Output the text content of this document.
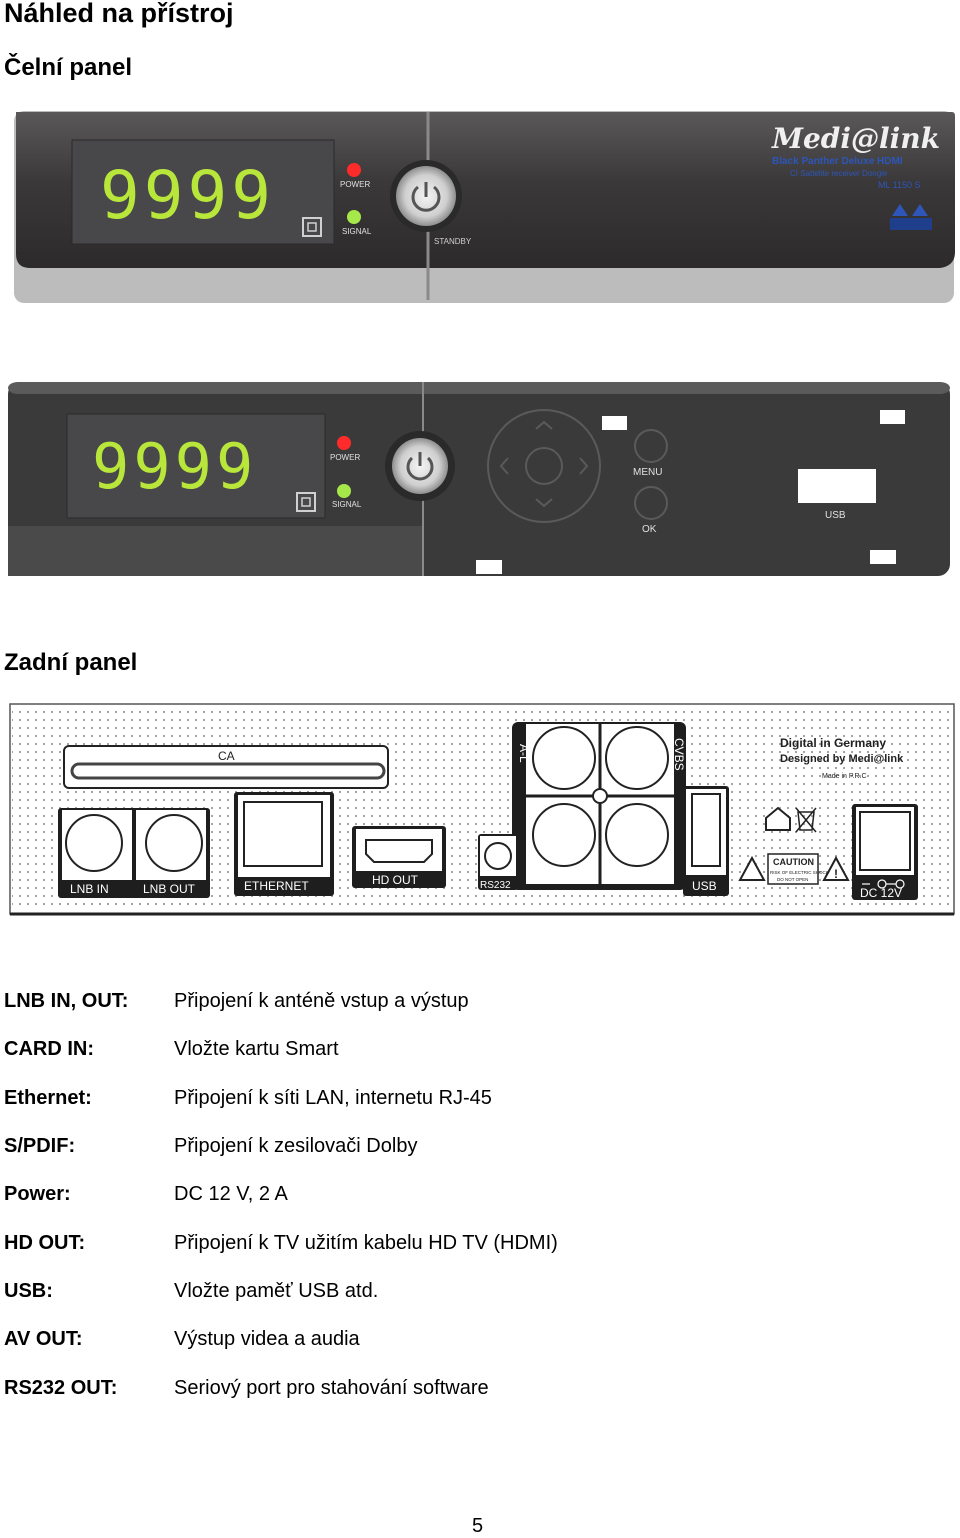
Náhled na přístroj
Čelní panel
9999	POWER
SIGNAL
STANDBY
Medi@link
Black Panther Deluxe HDMI
CI Sattelite receiver Dongle
ML 1150 S
9999	POWER
SIGNAL
MENU
OK
USB
Zadní panel
CA	A-L	CVBS
A-R	S/PDIF
LNB IN	LNB OUT	ETHERNET	HD OUT	RS232	USB
Digital in Germany
Designed by Medi@link
Made in P.R.C
!
CAUTION
RISK OF ELECTRIC SHOCK
DO NOT OPEN
DC 12V
LNB IN, OUT: Připojení k anténě vstup a výstup
CARD IN:	Vložte kartu Smart
Ethernet:	Připojení k síti LAN, internetu RJ-45
S/PDIF:	Připojení k zesilovači Dolby
Power:	DC 12 V, 2 A
HD OUT:	Připojení k TV užitím kabelu HD TV (HDMI)
USB:	Vložte paměť USB atd.
AV OUT:	Výstup videa a audia
RS232 OUT:	Seriový port pro stahování software
5
